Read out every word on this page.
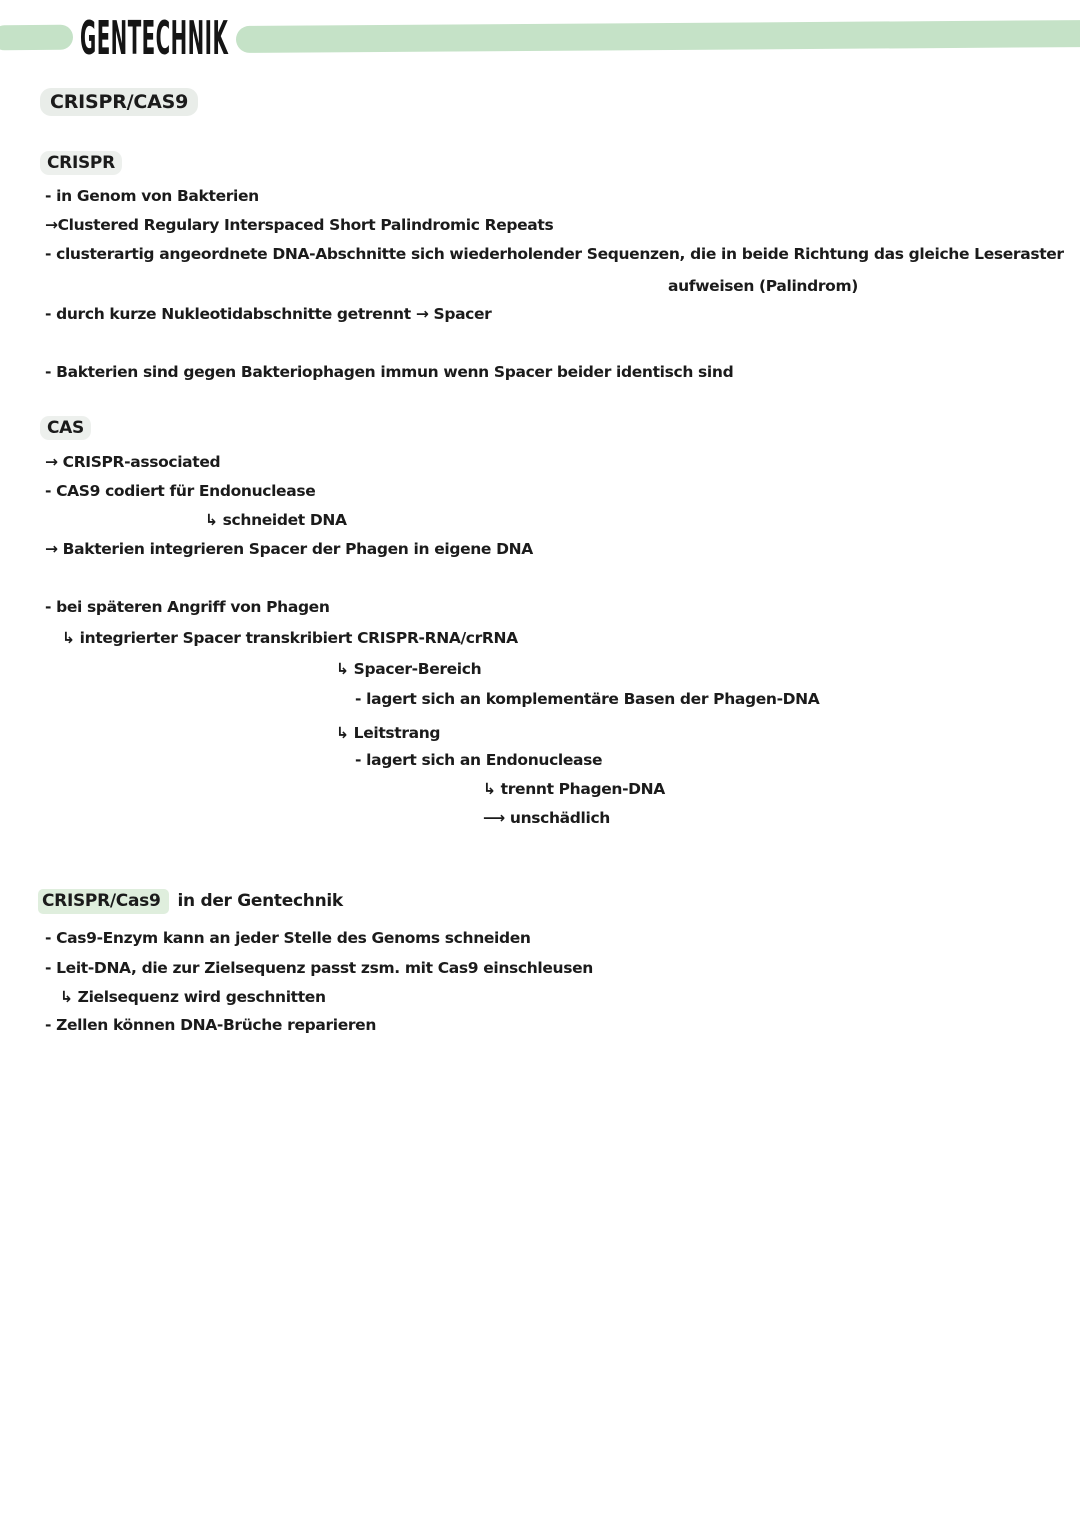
GENTECHNIK
CRISPR/CAS9
CRISPR
- in Genom von Bakterien
→Clustered Regulary Interspaced Short Palindromic Repeats
- clusterartig angeordnete DNA-Abschnitte sich wiederholender Sequenzen, die in beide Richtung das gleiche Leseraster
aufweisen (Palindrom)
- durch kurze Nukleotidabschnitte getrennt → Spacer
- Bakterien sind gegen Bakteriophagen immun wenn Spacer beider identisch sind
CAS
→ CRISPR-associated
- CAS9 codiert für Endonuclease
↳ schneidet DNA
→ Bakterien integrieren Spacer der Phagen in eigene DNA
- bei späteren Angriff von Phagen
↳ integrierter Spacer transkribiert CRISPR-RNA/crRNA
↳ Spacer-Bereich
- lagert sich an komplementäre Basen der Phagen-DNA
↳ Leitstrang
- lagert sich an Endonuclease
↳ trennt Phagen-DNA
⟶ unschädlich
CRISPR/Cas9 in der Gentechnik
- Cas9-Enzym kann an jeder Stelle des Genoms schneiden
- Leit-DNA, die zur Zielsequenz passt zsm. mit Cas9 einschleusen
↳ Zielsequenz wird geschnitten
- Zellen können DNA-Brüche reparieren
